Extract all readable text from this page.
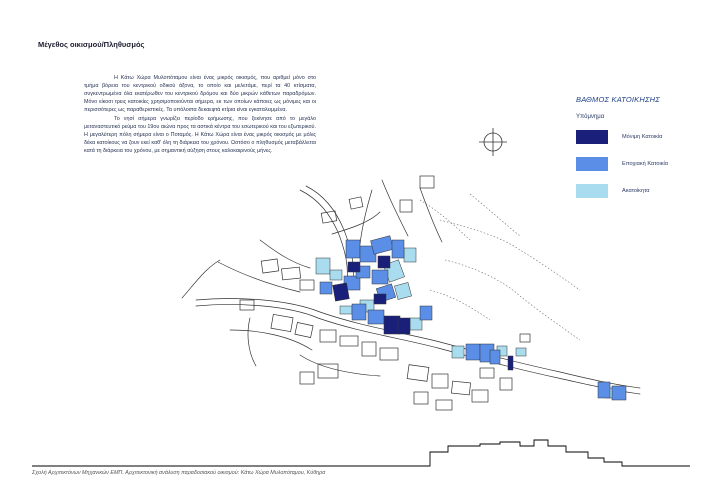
Μέγεθος οικισμού/Πληθυσμός

Η Κάτω Χώρα Μυλοπόταμου είναι ένας μικρός οικισμός, που αριθμεί μόνο στο τμήμα βόρεια του κεντρικού οδικού άξονα, το οποίο και μελετάμε, περί τα 40 κτίσματα, συγκεντρωμένα όλα εκατέρωθεν του κεντρικού δρόμου και δύο μικρών κάθετων παραδρόμων. Μόνο είκοσι τρεις κατοικίες χρησιμοποιούνται σήμερα, εκ των οποίων κάποιες ως μόνιμες και οι περισσότερες ως παραθεριστικές. Τα υπόλοιπα δεκαεφτά κτίρια είναι εγκαταλειμμένα.

Το νησί σήμερα γνωρίζει περίοδο ερήμωσης, που ξεκίνησε από το μεγάλο μεταναστευτικό ρεύμα του 19ου αιώνα προς τα αστικά κέντρα του εσωτερικού και του εξωτερικού. Η μεγαλύτερη πόλη σήμερα είναι ο Ποταμός. Η Κάτω Χώρα είναι ένας μικρός οικισμός με μόλις δέκα κατοίκους να ζουν εκεί καθ' όλη τη διάρκεια του χρόνου. Ωστόσο ο πληθυσμός μεταβάλλεται κατά τη διάρκεια του χρόνου, με σημαντική αύξηση στους καλοκαιρινούς μήνες.

ΒΑΘΜΟΣ ΚΑΤΟΙΚΗΣΗΣ
Υπόμνημα
Μόνιμη Κατοικία
Εποχιακή Κατοικία
Ακατοίκητα
Σχολή Αρχιτεκτόνων Μηχανικών ΕΜΠ. Αρχιτεκτονική ανάλυση παραδοσιακού οικισμού: Κάτω Χώρα Μυλοπόταμου, Κύθηρα
